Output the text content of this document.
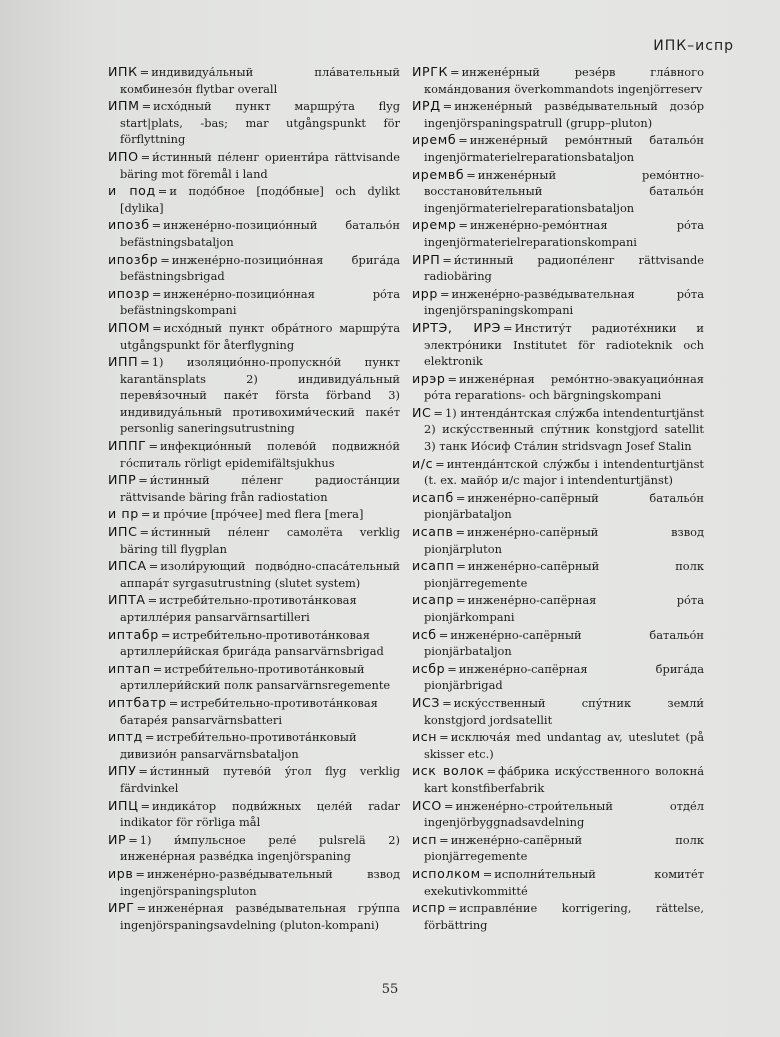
ИПК–испр
ИПК = индивидуа́льный пла́вательный комбинезо́н flytbar overall
ИПМ = исхо́дный пункт маршру́та flyg start|plats, -bas; mar utgångspunkt för förflyttning
ИПО = и́стинный пе́ленг ориенти́ра rättvisande bäring mot föremål i land
и под = и подо́бное [подо́бные] och dylikt [dylika]
ипозб = инжене́рно-позицио́нный батальо́н befästningsbataljon
ипозбр = инжене́рно-позицио́нная брига́да befästningsbrigad
ипозр = инжене́рно-позицио́нная ро́та befästningskompani
ИПОМ = исхо́дный пункт обра́тного маршру́та utgångspunkt för återflygning
ИПП = 1) изоляцио́нно-пропускно́й пункт karantänsplats 2) индивидуа́льный перевя́зочный паке́т första förband 3) индивидуа́льный противохими́ческий паке́т personlig saneringsutrustning
ИППГ = инфекцио́нный полево́й подвижно́й го́спиталь rörligt epidemifältsjukhus
ИПР = и́стинный пе́ленг радиоста́нции rättvisande bäring från radiostation
и пр = и про́чие [про́чее] med flera [mera]
ИПС = и́стинный пе́ленг самолёта verklig bäring till flygplan
ИПСА = изоли́рующий подво́дно-спаса́тельный аппара́т syrgasutrustning (slutet system)
ИПТА = истреби́тельно-противота́нковая артилле́рия pansarvärnsartilleri
иптабр = истреби́тельно-противота́нковая артиллери́йская брига́да pansarvärnsbrigad
иптап = истреби́тельно-противота́нковый артиллери́йский полк pansarvärnsregemente
иптбатр = истреби́тельно-противота́нковая батаре́я pansarvärnsbatteri
иптд = истреби́тельно-противота́нковый дивизио́н pansarvärnsbataljon
ИПУ = и́стинный путево́й у́гол flyg verklig färdvinkel
ИПЦ = индика́тор подви́жных целе́й radar indikator för rörliga mål
ИР = 1) и́мпульсное реле́ pulsrelä 2) инжене́рная разве́дка ingenjörspaning
ирв = инжене́рно-разве́дывательный взвод ingenjörspaningspluton
ИРГ = инжене́рная разве́дывательная гру́ппа ingenjörspaningsavdelning (pluton-kompani)
ИРГК = инжене́рный резе́рв гла́вного кома́ндования överkommandots ingenjörreserv
ИРД = инжене́рный разве́дывательный дозо́р ingenjörspaningspatrull (grupp–pluton)
иремб = инжене́рный ремо́нтный батальо́н ingenjörmaterielreparationsbataljon
иремвб = инжене́рный ремо́нтно-восстанови́тельный батальо́н ingenjörmaterielreparationsbataljon
иремр = инжене́рно-ремо́нтная ро́та ingenjörmaterielreparationskompani
ИРП = и́стинный радиопе́ленг rättvisande radiobäring
ирр = инжене́рно-разве́дывательная ро́та ingenjörspaningskompani
ИРТЭ, ИРЭ = Институ́т радиоте́хники и электро́ники Institutet för radioteknik och elektronik
ирэр = инжене́рная ремо́нтно-эвакуацио́нная ро́та reparations- och bärgningskompani
ИС = 1) интенда́нтская слу́жба intendenturtjänst 2) иску́сственный спу́тник konstgjord satellit 3) танк Ио́сиф Ста́лин stridsvagn Josef Stalin
и/с = интенда́нтской слу́жбы i intendenturtjänst (t. ex. майо́р и/с major i intendenturtjänst)
исапб = инжене́рно-сапёрный батальо́н pionjärbataljon
исапв = инжене́рно-сапёрный взвод pionjärpluton
исапп = инжене́рно-сапёрный полк pionjärregemente
исапр = инжене́рно-сапёрная ро́та pionjärkompani
исб = инжене́рно-сапёрный батальо́н pionjärbataljon
исбр = инжене́рно-сапёрная брига́да pionjärbrigad
ИСЗ = иску́сственный спу́тник земли́ konstgjord jordsatellit
исн = исключа́я med undantag av, uteslutet (på skisser etc.)
иск волок = фа́брика иску́сственного волокна́ kart konstfiberfabrik
ИСО = инжене́рно-строи́тельный отде́л ingenjörbyggnadsavdelning
исп = инжене́рно-сапёрный полк pionjärregemente
исполком = исполни́тельный комите́т exekutivkommitté
испр = исправле́ние korrigering, rättelse, förbättring
55
